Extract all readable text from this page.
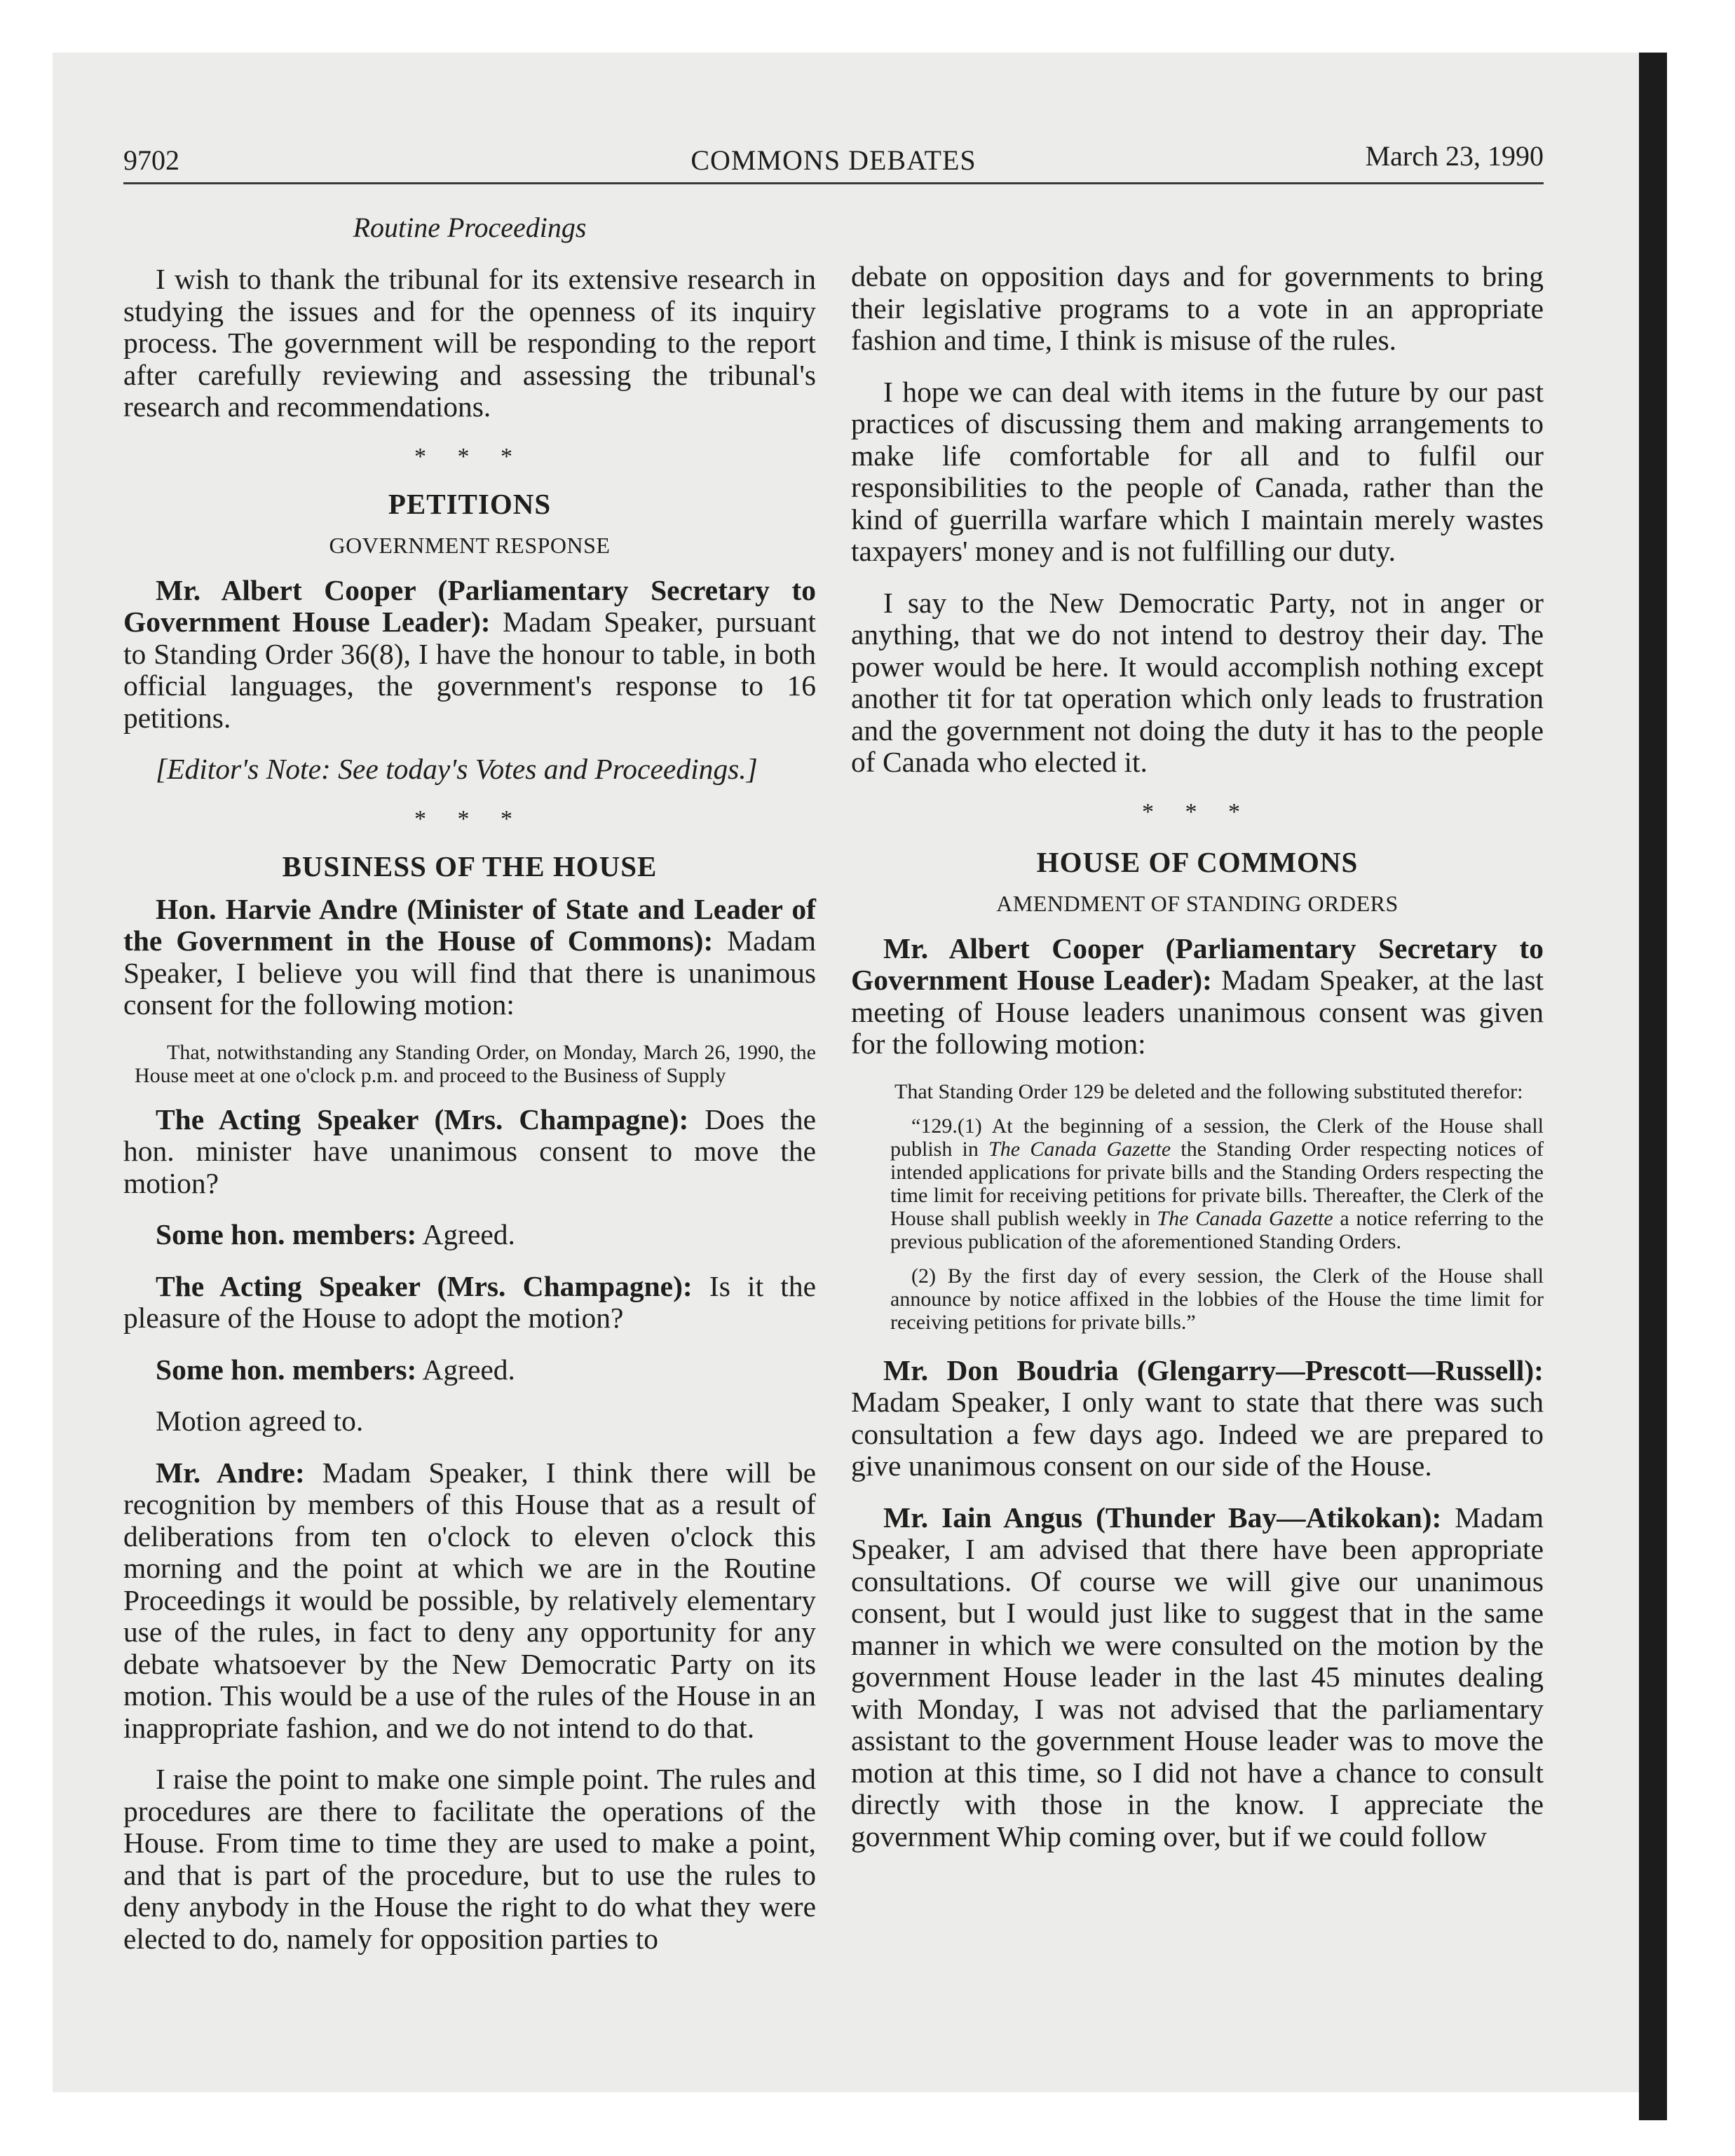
9702	COMMONS DEBATES	March 23, 1990
Routine Proceedings

I wish to thank the tribunal for its extensive research in studying the issues and for the openness of its inquiry process. The government will be responding to the report after carefully reviewing and assessing the tribunal's research and recommendations.

* * *
PETITIONS
GOVERNMENT RESPONSE

Mr. Albert Cooper (Parliamentary Secretary to Government House Leader): Madam Speaker, pursuant to Standing Order 36(8), I have the honour to table, in both official languages, the government's response to 16 petitions.

[Editor's Note: See today's Votes and Proceedings.]

* * *
BUSINESS OF THE HOUSE

Hon. Harvie Andre (Minister of State and Leader of the Government in the House of Commons): Madam Speaker, I believe you will find that there is unanimous consent for the following motion:

That, notwithstanding any Standing Order, on Monday, March 26, 1990, the House meet at one o'clock p.m. and proceed to the Business of Supply

The Acting Speaker (Mrs. Champagne): Does the hon. minister have unanimous consent to move the motion?

Some hon. members: Agreed.

The Acting Speaker (Mrs. Champagne): Is it the pleasure of the House to adopt the motion?

Some hon. members: Agreed.

Motion agreed to.

Mr. Andre: Madam Speaker, I think there will be recognition by members of this House that as a result of deliberations from ten o'clock to eleven o'clock this morning and the point at which we are in the Routine Proceedings it would be possible, by relatively elementary use of the rules, in fact to deny any opportunity for any debate whatsoever by the New Democratic Party on its motion. This would be a use of the rules of the House in an inappropriate fashion, and we do not intend to do that.

I raise the point to make one simple point. The rules and procedures are there to facilitate the operations of the House. From time to time they are used to make a point, and that is part of the procedure, but to use the rules to deny anybody in the House the right to do what they were elected to do, namely for opposition parties to

debate on opposition days and for governments to bring their legislative programs to a vote in an appropriate fashion and time, I think is misuse of the rules.

I hope we can deal with items in the future by our past practices of discussing them and making arrangements to make life comfortable for all and to fulfil our responsibilities to the people of Canada, rather than the kind of guerrilla warfare which I maintain merely wastes taxpayers' money and is not fulfilling our duty.

I say to the New Democratic Party, not in anger or anything, that we do not intend to destroy their day. The power would be here. It would accomplish nothing except another tit for tat operation which only leads to frustration and the government not doing the duty it has to the people of Canada who elected it.

* * *
HOUSE OF COMMONS
AMENDMENT OF STANDING ORDERS

Mr. Albert Cooper (Parliamentary Secretary to Government House Leader): Madam Speaker, at the last meeting of House leaders unanimous consent was given for the following motion:

That Standing Order 129 be deleted and the following substituted therefor:

“129.(1) At the beginning of a session, the Clerk of the House shall publish in The Canada Gazette the Standing Order respecting notices of intended applications for private bills and the Standing Orders respecting the time limit for receiving petitions for private bills. Thereafter, the Clerk of the House shall publish weekly in The Canada Gazette a notice referring to the previous publication of the aforementioned Standing Orders.

(2) By the first day of every session, the Clerk of the House shall announce by notice affixed in the lobbies of the House the time limit for receiving petitions for private bills.”

Mr. Don Boudria (Glengarry—Prescott—Russell): Madam Speaker, I only want to state that there was such consultation a few days ago. Indeed we are prepared to give unanimous consent on our side of the House.

Mr. Iain Angus (Thunder Bay—Atikokan): Madam Speaker, I am advised that there have been appropriate consultations. Of course we will give our unanimous consent, but I would just like to suggest that in the same manner in which we were consulted on the motion by the government House leader in the last 45 minutes dealing with Monday, I was not advised that the parliamentary assistant to the government House leader was to move the motion at this time, so I did not have a chance to consult directly with those in the know. I appreciate the government Whip coming over, but if we could follow
